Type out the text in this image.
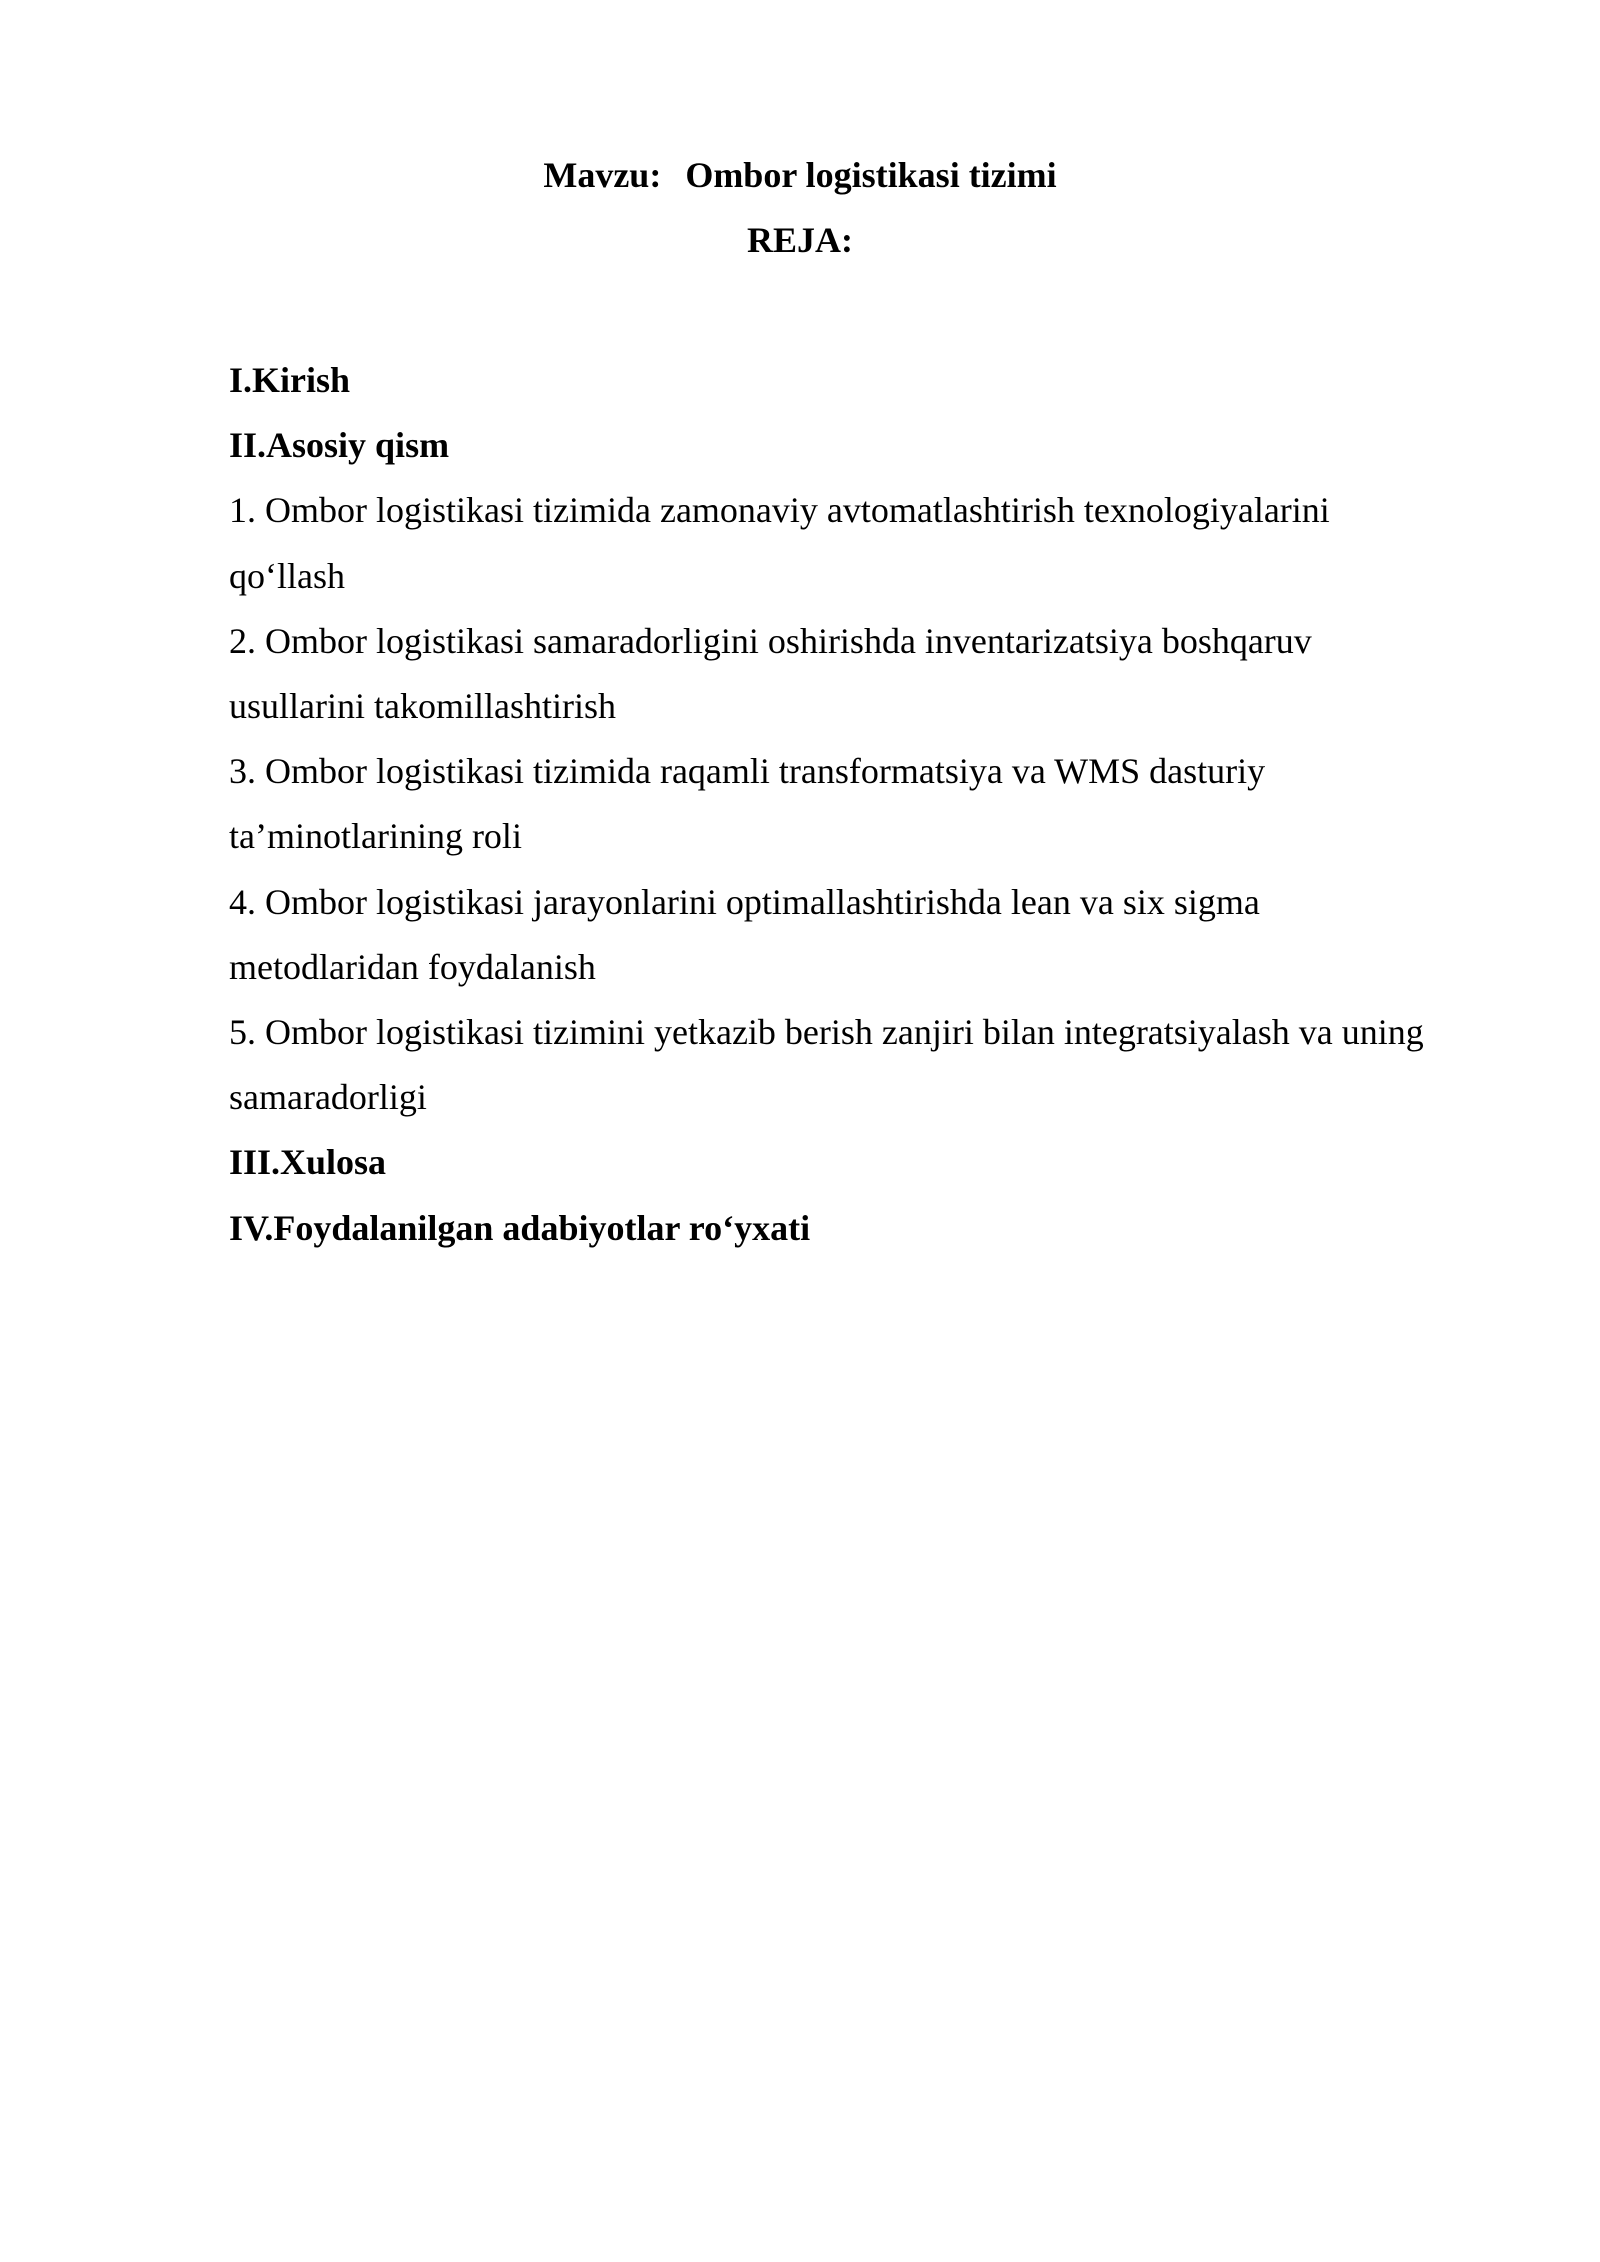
Mavzu: Ombor logistikasi tizimi
REJA:
I.Kirish
II.Asosiy qism
1. Ombor logistikasi tizimida zamonaviy avtomatlashtirish texnologiyalarini
qo‘llash
2. Ombor logistikasi samaradorligini oshirishda inventarizatsiya boshqaruv
usullarini takomillashtirish
3. Ombor logistikasi tizimida raqamli transformatsiya va WMS dasturiy
ta’minotlarining roli
4. Ombor logistikasi jarayonlarini optimallashtirishda lean va six sigma
metodlaridan foydalanish
5. Ombor logistikasi tizimini yetkazib berish zanjiri bilan integratsiyalash va uning
samaradorligi
III.Xulosa
IV.Foydalanilgan adabiyotlar ro‘yxati
